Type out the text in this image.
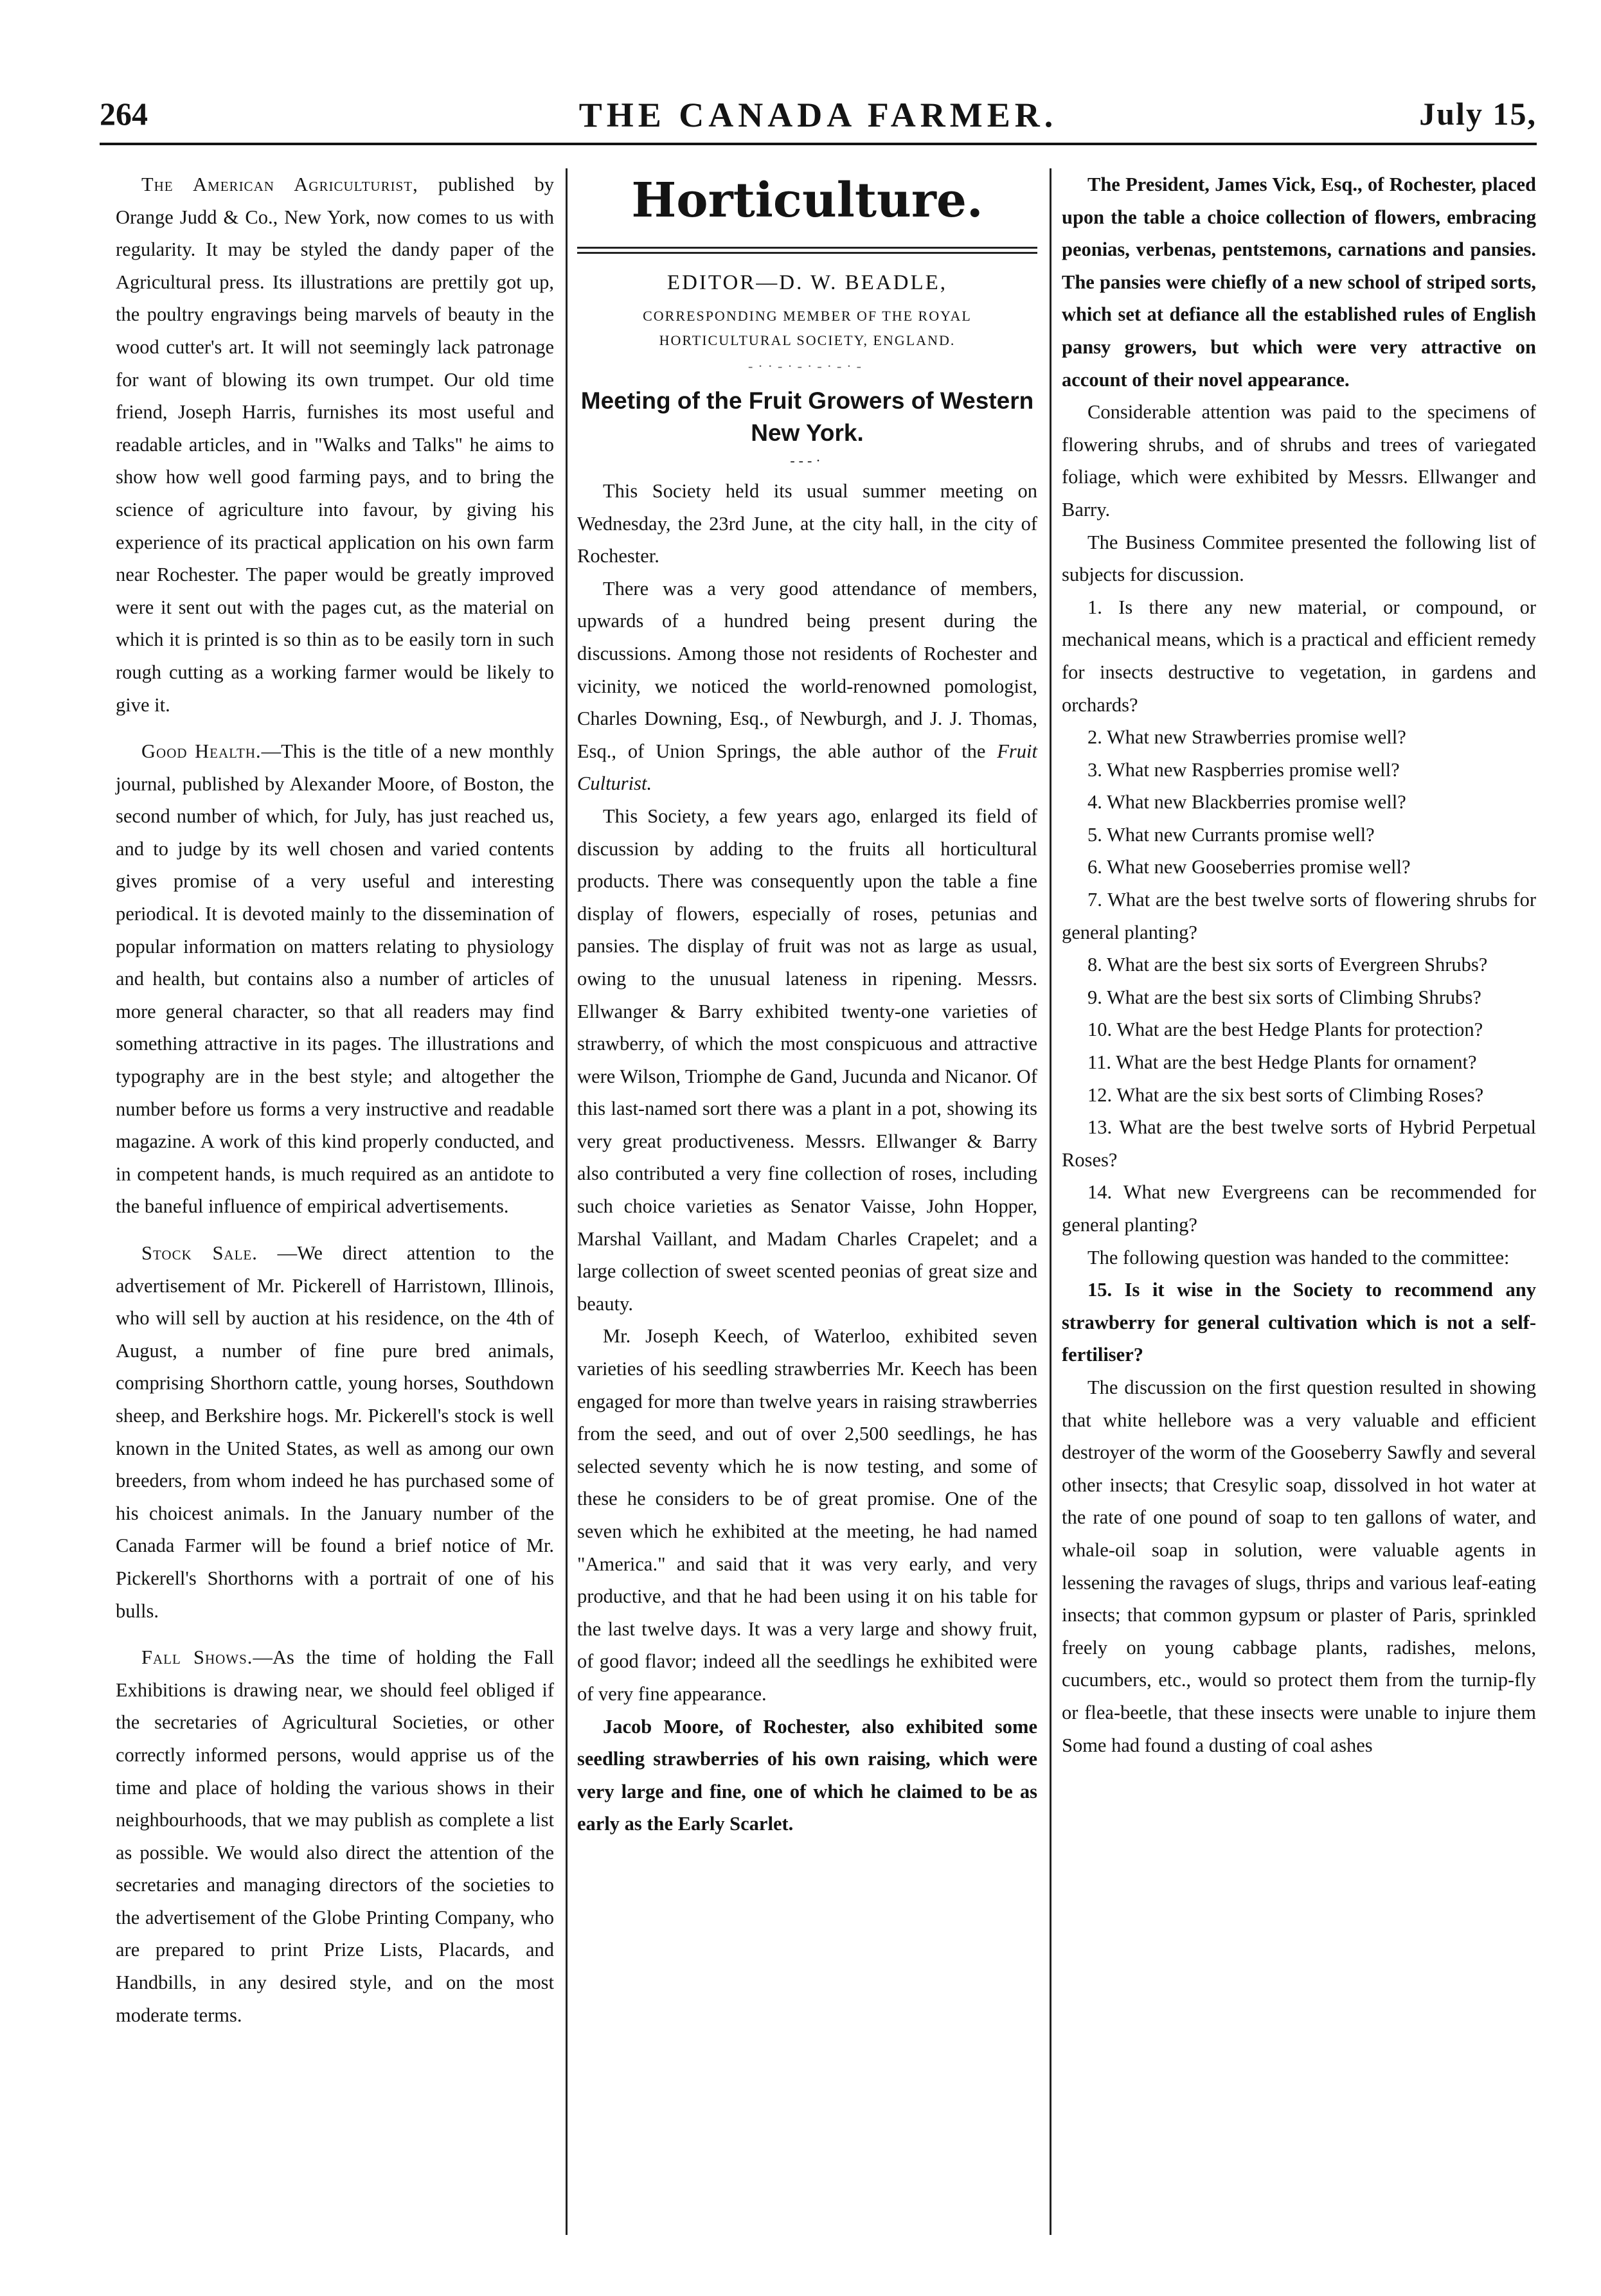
264	THE CANADA FARMER.	July 15,

The American Agriculturist, published by Orange Judd & Co., New York, now comes to us with regularity. It may be styled the dandy paper of the Agricultural press. Its illustrations are prettily got up, the poultry engravings being marvels of beauty in the wood cutter's art. It will not seemingly lack patronage for want of blowing its own trumpet. Our old time friend, Joseph Harris, furnishes its most useful and readable articles, and in "Walks and Talks" he aims to show how well good farming pays, and to bring the science of agriculture into favour, by giving his experience of its practical application on his own farm near Rochester. The paper would be greatly improved were it sent out with the pages cut, as the material on which it is printed is so thin as to be easily torn in such rough cutting as a working farmer would be likely to give it.

Good Health.—This is the title of a new monthly journal, published by Alexander Moore, of Boston, the second number of which, for July, has just reached us, and to judge by its well chosen and varied contents gives promise of a very useful and interesting periodical. It is devoted mainly to the dissemination of popular information on matters relating to physiology and health, but contains also a number of articles of more general character, so that all readers may find something attractive in its pages. The illustrations and typography are in the best style; and altogether the number before us forms a very instructive and readable magazine. A work of this kind properly conducted, and in competent hands, is much required as an antidote to the baneful influence of empirical advertisements.

Stock Sale. —We direct attention to the advertisement of Mr. Pickerell of Harristown, Illinois, who will sell by auction at his residence, on the 4th of August, a number of fine pure bred animals, comprising Shorthorn cattle, young horses, Southdown sheep, and Berkshire hogs. Mr. Pickerell's stock is well known in the United States, as well as among our own breeders, from whom indeed he has purchased some of his choicest animals. In the January number of the Canada Farmer will be found a brief notice of Mr. Pickerell's Shorthorns with a portrait of one of his bulls.

Fall Shows.—As the time of holding the Fall Exhibitions is drawing near, we should feel obliged if the secretaries of Agricultural Societies, or other correctly informed persons, would apprise us of the time and place of holding the various shows in their neighbourhoods, that we may publish as complete a list as possible. We would also direct the attention of the secretaries and managing directors of the societies to the advertisement of the Globe Printing Company, who are prepared to print Prize Lists, Placards, and Handbills, in any desired style, and on the most moderate terms.

Horticulture.
EDITOR—D. W. BEADLE,
CORRESPONDING MEMBER OF THE ROYAL HORTICULTURAL SOCIETY, ENGLAND.
-··-·-·-·-·-
Meeting of the Fruit Growers of Western New York.
---·

This Society held its usual summer meeting on Wednesday, the 23rd June, at the city hall, in the city of Rochester.

There was a very good attendance of members, upwards of a hundred being present during the discussions. Among those not residents of Rochester and vicinity, we noticed the world-renowned pomologist, Charles Downing, Esq., of Newburgh, and J. J. Thomas, Esq., of Union Springs, the able author of the Fruit Culturist.

This Society, a few years ago, enlarged its field of discussion by adding to the fruits all horticultural products. There was consequently upon the table a fine display of flowers, especially of roses, petunias and pansies. The display of fruit was not as large as usual, owing to the unusual lateness in ripening. Messrs. Ellwanger & Barry exhibited twenty-one varieties of strawberry, of which the most conspicuous and attractive were Wilson, Triomphe de Gand, Jucunda and Nicanor. Of this last-named sort there was a plant in a pot, showing its very great productiveness. Messrs. Ellwanger & Barry also contributed a very fine collection of roses, including such choice varieties as Senator Vaisse, John Hopper, Marshal Vaillant, and Madam Charles Crapelet; and a large collection of sweet scented peonias of great size and beauty.

Mr. Joseph Keech, of Waterloo, exhibited seven varieties of his seedling strawberries Mr. Keech has been engaged for more than twelve years in raising strawberries from the seed, and out of over 2,500 seedlings, he has selected seventy which he is now testing, and some of these he considers to be of great promise. One of the seven which he exhibited at the meeting, he had named "America." and said that it was very early, and very productive, and that he had been using it on his table for the last twelve days. It was a very large and showy fruit, of good flavor; indeed all the seedlings he exhibited were of very fine appearance.

Jacob Moore, of Rochester, also exhibited some seedling strawberries of his own raising, which were very large and fine, one of which he claimed to be as early as the Early Scarlet.

The President, James Vick, Esq., of Rochester, placed upon the table a choice collection of flowers, embracing peonias, verbenas, pentstemons, carnations and pansies. The pansies were chiefly of a new school of striped sorts, which set at defiance all the established rules of English pansy growers, but which were very attractive on account of their novel appearance.

Considerable attention was paid to the specimens of flowering shrubs, and of shrubs and trees of variegated foliage, which were exhibited by Messrs. Ellwanger and Barry.

The Business Commitee presented the following list of subjects for discussion.

1. Is there any new material, or compound, or mechanical means, which is a practical and efficient remedy for insects destructive to vegetation, in gardens and orchards?

2. What new Strawberries promise well?

3. What new Raspberries promise well?

4. What new Blackberries promise well?

5. What new Currants promise well?

6. What new Gooseberries promise well?

7. What are the best twelve sorts of flowering shrubs for general planting?

8. What are the best six sorts of Evergreen Shrubs?

9. What are the best six sorts of Climbing Shrubs?

10. What are the best Hedge Plants for protection?

11. What are the best Hedge Plants for ornament?

12. What are the six best sorts of Climbing Roses?

13. What are the best twelve sorts of Hybrid Perpetual Roses?

14. What new Evergreens can be recommended for general planting?

The following question was handed to the committee:

15. Is it wise in the Society to recommend any strawberry for general cultivation which is not a self-fertiliser?

The discussion on the first question resulted in showing that white hellebore was a very valuable and efficient destroyer of the worm of the Gooseberry Sawfly and several other insects; that Cresylic soap, dissolved in hot water at the rate of one pound of soap to ten gallons of water, and whale-oil soap in solution, were valuable agents in lessening the ravages of slugs, thrips and various leaf-eating insects; that common gypsum or plaster of Paris, sprinkled freely on young cabbage plants, radishes, melons, cucumbers, etc., would so protect them from the turnip-fly or flea-beetle, that these insects were unable to injure them Some had found a dusting of coal ashes
